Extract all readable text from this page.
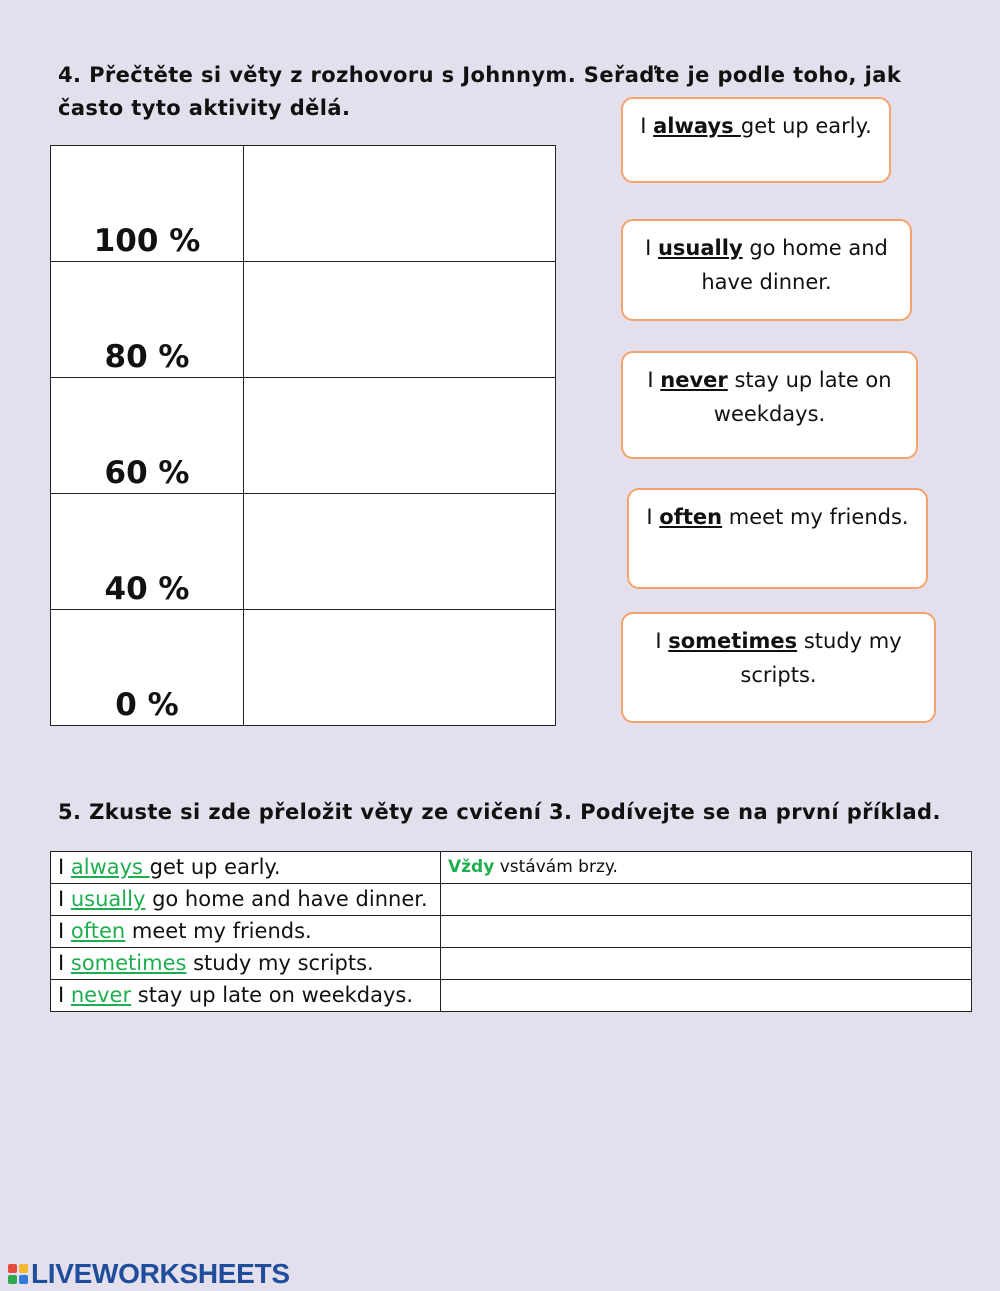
4. Přečtěte si věty z rozhovoru s Johnnym. Seřaďte je podle toho, jak často tyto aktivity dělá.
100 %	
80 %	
60 %	
40 %	
0 %	
I always get up early.
I usually go home and have dinner.
I never stay up late on weekdays.
I often meet my friends.
I sometimes study my scripts.
5. Zkuste si zde přeložit věty ze cvičení 3. Podívejte se na první příklad.
I always get up early.	Vždy vstávám brzy.
I usually go home and have dinner.	
I often meet my friends.	
I sometimes study my scripts.	
I never stay up late on weekdays.	
LIVEWORKSHEETS
